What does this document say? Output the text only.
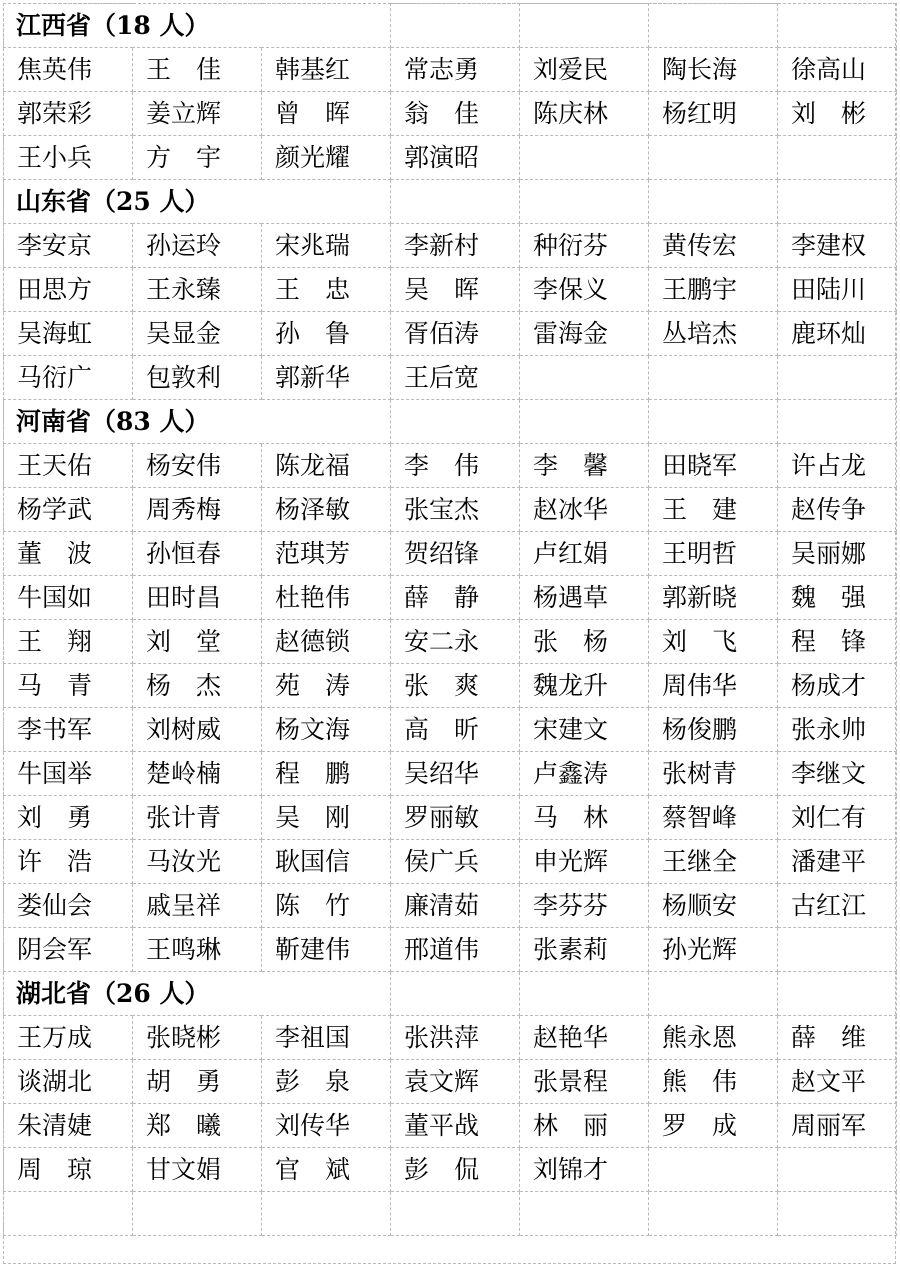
江西省（18 人）						
焦英伟	王　佳	韩基红	常志勇	刘爱民	陶长海	徐高山
郭荣彩	姜立辉	曾　晖	翁　佳	陈庆林	杨红明	刘　彬
王小兵	方　宇	颜光耀	郭演昭			
山东省（25 人）						
李安京	孙运玲	宋兆瑞	李新村	种衍芬	黄传宏	李建权
田思方	王永臻	王　忠	吴　晖	李保义	王鹏宇	田陆川
吴海虹	吴显金	孙　鲁	胥佰涛	雷海金	丛培杰	鹿环灿
马衍广	包敦利	郭新华	王后宽			
河南省（83 人）						
王天佑	杨安伟	陈龙福	李　伟	李　馨	田晓军	许占龙
杨学武	周秀梅	杨泽敏	张宝杰	赵冰华	王　建	赵传争
董　波	孙恒春	范琪芳	贺绍锋	卢红娟	王明哲	吴丽娜
牛国如	田时昌	杜艳伟	薛　静	杨遇草	郭新晓	魏　强
王　翔	刘　堂	赵德锁	安二永	张　杨	刘　飞	程　锋
马　青	杨　杰	苑　涛	张　爽	魏龙升	周伟华	杨成才
李书军	刘树威	杨文海	高　昕	宋建文	杨俊鹏	张永帅
牛国举	楚岭楠	程　鹏	吴绍华	卢鑫涛	张树青	李继文
刘　勇	张计青	吴　刚	罗丽敏	马　林	蔡智峰	刘仁有
许　浩	马汝光	耿国信	侯广兵	申光辉	王继全	潘建平
娄仙会	戚呈祥	陈　竹	廉清茹	李芬芬	杨顺安	古红江
阴会军	王鸣琳	靳建伟	邢道伟	张素莉	孙光辉	
湖北省（26 人）						
王万成	张晓彬	李祖国	张洪萍	赵艳华	熊永恩	薛　维
谈湖北	胡　勇	彭　泉	袁文辉	张景程	熊　伟	赵文平
朱清婕	郑　曦	刘传华	董平战	林　丽	罗　成	周丽军
周　琼	甘文娟	官　斌	彭　侃	刘锦才		
